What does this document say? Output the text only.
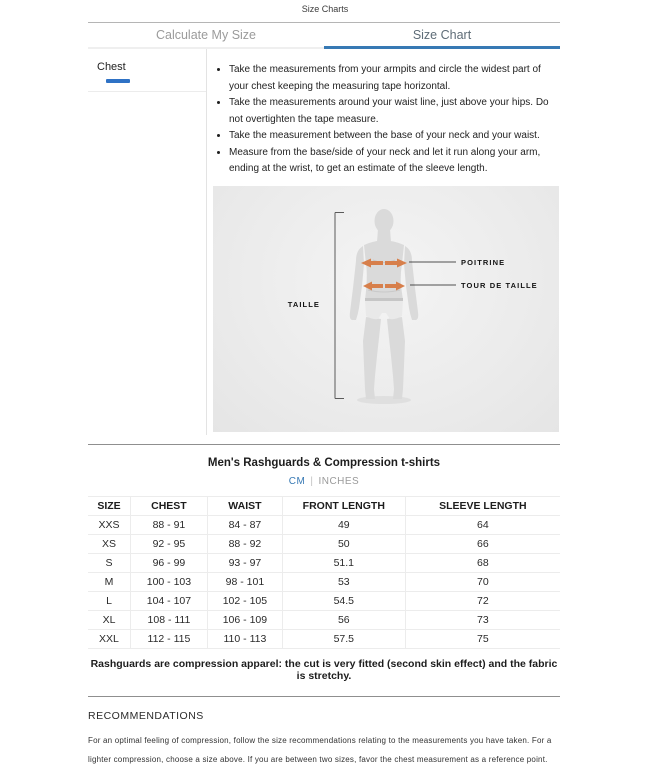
Size Charts
Calculate My Size	Size Chart
Chest	• Take the measurements from your armpits and circle the widest part of your chest keeping the measuring tape horizontal.
• Take the measurements around your waist line, just above your hips. Do not overtighten the tape measure.
• Take the measurement between the base of your neck and your waist.
• Measure from the base/side of your neck and let it run along your arm, ending at the wrist, to get an estimate of the sleeve length.
TAILLE
POITRINE
TOUR DE TAILLE
Men's Rashguards & Compression t-shirts
CM | INCHES
SIZE	CHEST	WAIST	FRONT LENGTH	SLEEVE LENGTH
XXS	88 - 91	84 - 87	49	64
XS	92 - 95	88 - 92	50	66
S	96 - 99	93 - 97	51.1	68
M	100 - 103	98 - 101	53	70
L	104 - 107	102 - 105	54.5	72
XL	108 - 111	106 - 109	56	73
XXL	112 - 115	110 - 113	57.5	75
Rashguards are compression apparel: the cut is very fitted (second skin effect) and the fabric is stretchy.
RECOMMENDATIONS
For an optimal feeling of compression, follow the size recommendations relating to the measurements you have taken. For a lighter compression, choose a size above. If you are between two sizes, favor the chest measurement as a reference point.
